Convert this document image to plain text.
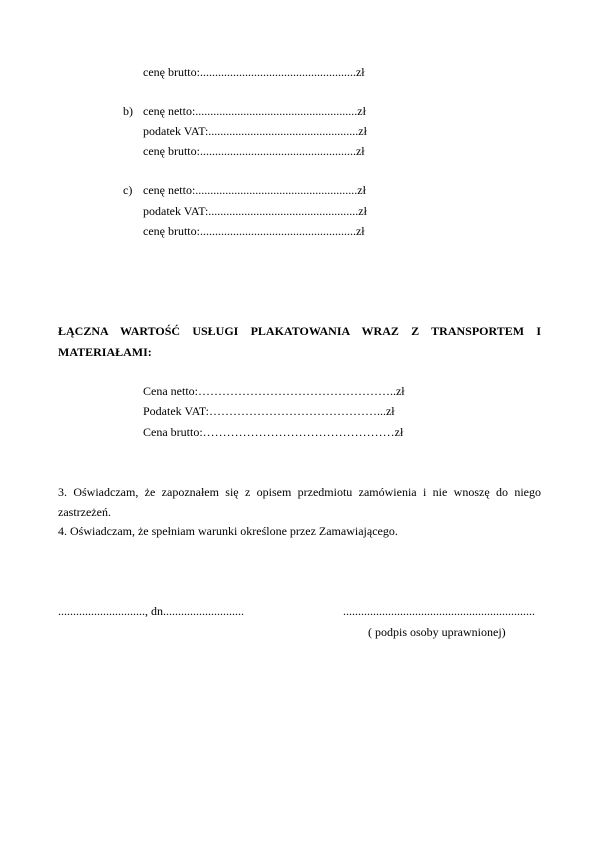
cenę brutto:....................................................zł
b) cenę netto:......................................................zł
podatek VAT:..................................................zł
cenę brutto:....................................................zł
c) cenę netto:......................................................zł
podatek VAT:..................................................zł
cenę brutto:....................................................zł
ŁĄCZNA WARTOŚĆ USŁUGI PLAKATOWANIA WRAZ Z TRANSPORTEM I
MATERIAŁAMI:
Cena netto:…………………………………………..zł
Podatek VAT:……………………………………...zł
Cena brutto:…………………………………………zł
3. Oświadczam, że zapoznałem się z opisem przedmiotu zamówienia i nie wnoszę do niego
zastrzeżeń.
4. Oświadczam, że spełniam warunki określone przez Zamawiającego.
............................., dn...........................	................................................................
( podpis osoby uprawnionej)
